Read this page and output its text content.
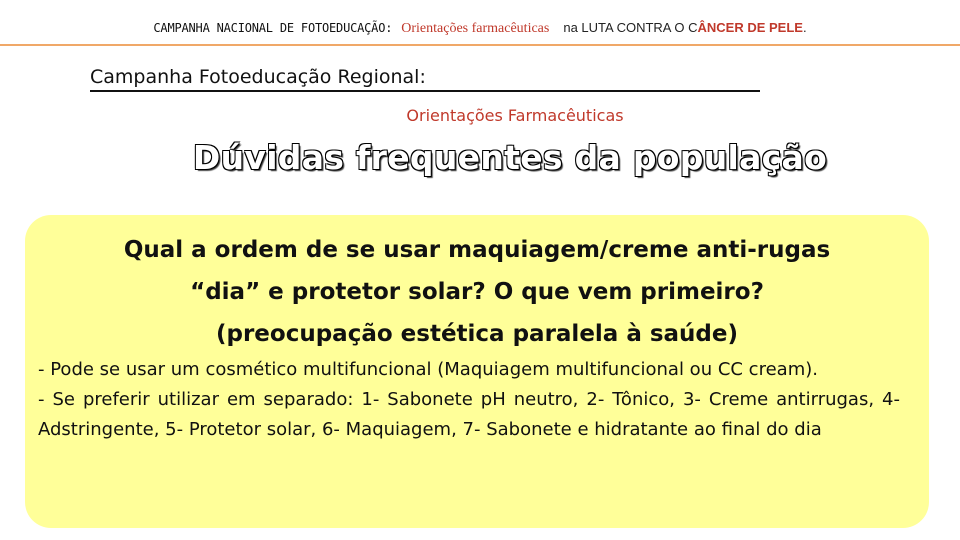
CAMPANHA NACIONAL DE FOTOEDUCAÇÃO: Orientações farmacêuticas na LUTA CONTRA O C ÂNCER DE PELE .
Campanha Fotoeducação Regional:
Orientações Farmacêuticas
Dúvidas frequentes da população
Qual a ordem de se usar maquiagem/creme anti-rugas
“dia” e protetor solar? O que vem primeiro?
(preocupação estética paralela à saúde)

- Pode se usar um cosmético multifuncional (Maquiagem multifuncional ou CC cream).

- Se preferir utilizar em separado: 1- Sabonete pH neutro, 2- Tônico, 3- Creme antirrugas, 4- Adstringente, 5- Protetor solar, 6- Maquiagem, 7- Sabonete e hidratante ao final do dia
